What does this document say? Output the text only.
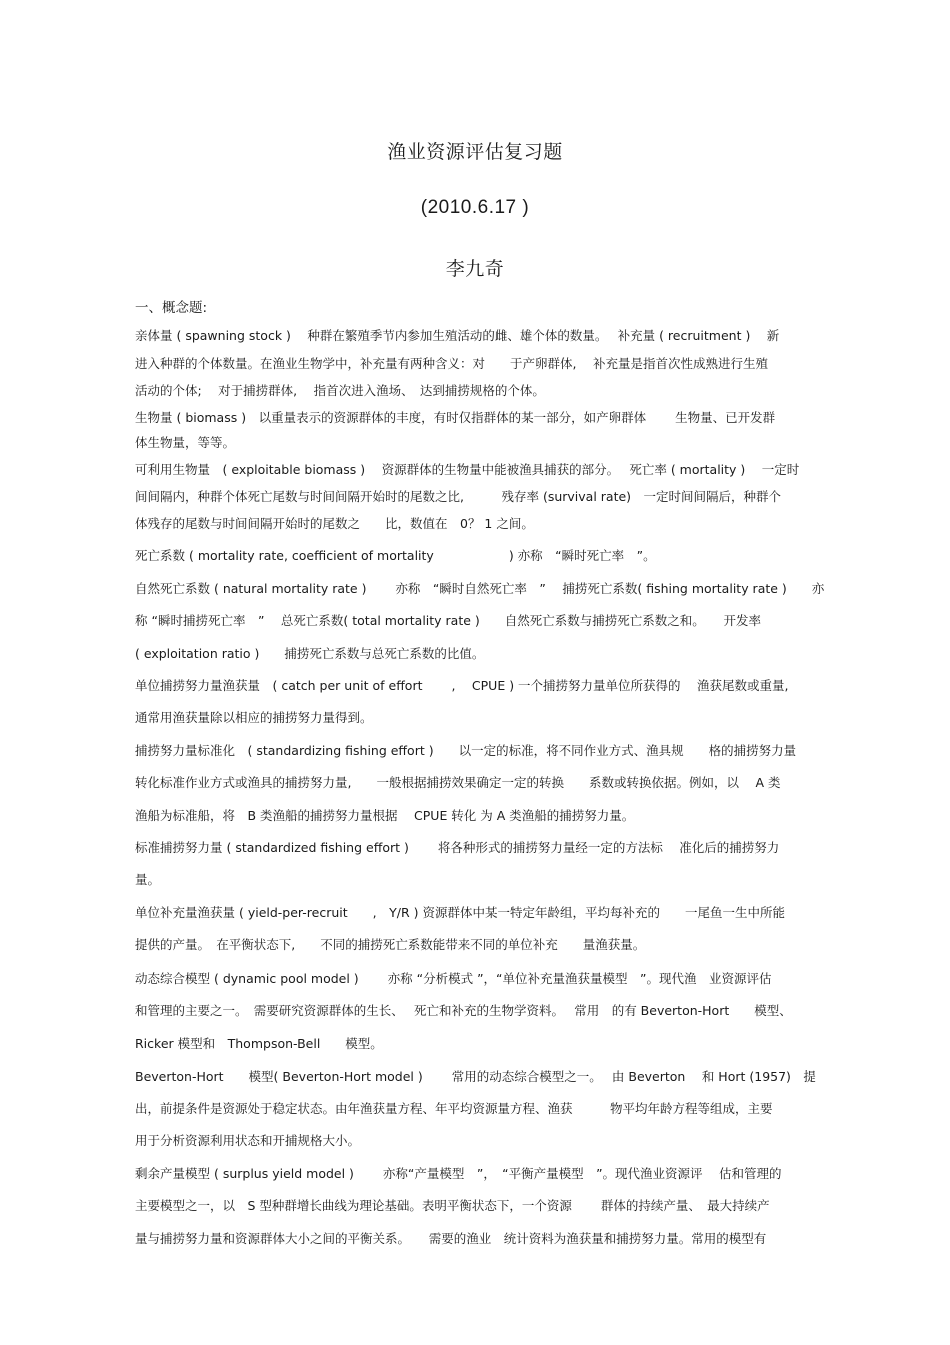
渔业资源评估复习题
(2010.6.17 )
李九奇
一、概念题:
亲体量 ( spawning stock )　 种群在繁殖季节内参加生殖活动的雌、雄个体的数量。　 补充量 ( recruitment )　 新
进入种群的个体数量。在渔业生物学中，补充量有两种含义：对　　于产卵群体,　 补充量是指首次性成熟进行生殖
活动的个体;　 对于捕捞群体,　 指首次进入渔场、　达到捕捞规格的个体。
生物量 ( biomass )　以重量表示的资源群体的丰度，有时仅指群体的某一部分，如产卵群体　　 生物量、已开发群
体生物量，等等。
可利用生物量　( exploitable biomass )　 资源群体的生物量中能被渔具捕获的部分。　 死亡率 ( mortality )　 一定时
间间隔内，种群个体死亡尾数与时间间隔开始时的尾数之比,　　　残存率 (survival rate)　一定时间间隔后，种群个
体残存的尾数与时间间隔开始时的尾数之　　比，数值在　0？ 1 之间。
死亡系数 ( mortality rate, coefficient of mortality　　　　　　) 亦称　“瞬时死亡率　”。
自然死亡系数 ( natural mortality rate )　　 亦称　“瞬时自然死亡率　”　 捕捞死亡系数( fishing mortality rate )　　亦
称 “瞬时捕捞死亡率　”　 总死亡系数( total mortality rate )　　自然死亡系数与捕捞死亡系数之和。　　开发率
( exploitation ratio )　　捕捞死亡系数与总死亡系数的比值。
单位捕捞努力量渔获量　( catch per unit of effort　　 ,　 CPUE ) 一个捕捞努力量单位所获得的　 渔获尾数或重量,
通常用渔获量除以相应的捕捞努力量得到。
捕捞努力量标准化　( standardizing fishing effort )　　以一定的标准，将不同作业方式、渔具规　　格的捕捞努力量
转化标准作业方式或渔具的捕捞努力量,　　一般根据捕捞效果确定一定的转换　　系数或转换依据。例如，以　 A 类
渔船为标准船，将　B 类渔船的捕捞努力量根据　 CPUE 转化 为 A 类渔船的捕捞努力量。
标准捕捞努力量 ( standardized fishing effort )　　 将各种形式的捕捞努力量经一定的方法标　 准化后的捕捞努力
量。
单位补充量渔获量 ( yield-per-recruit　　,　Y/R ) 资源群体中某一特定年龄组，平均每补充的　　一尾鱼一生中所能
提供的产量。　在平衡状态下,　　不同的捕捞死亡系数能带来不同的单位补充　　量渔获量。
动态综合模型 ( dynamic pool model )　　 亦称 “分析模式 ”，“单位补充量渔获量模型　”。现代渔　业资源评估
和管理的主要之一。　需要研究资源群体的生长、　 死亡和补充的生物学资料。　 常用　的有 Beverton-Hort　　模型、
Ricker 模型和　Thompson-Bell　　模型。
Beverton-Hort　　模型( Beverton-Hort model )　　 常用的动态综合模型之一。　 由 Beverton　 和 Hort (1957)　提
出，前提条件是资源处于稳定状态。由年渔获量方程、年平均资源量方程、渔获　　　物平均年龄方程等组成，主要
用于分析资源利用状态和开捕规格大小。
剩余产量模型 ( surplus yield model )　　 亦称“产量模型　”，　“平衡产量模型　”。现代渔业资源评　 估和管理的
主要模型之一，以　S 型种群增长曲线为理论基础。表明平衡状态下，一个资源　　 群体的持续产量、　最大持续产
量与捕捞努力量和资源群体大小之间的平衡关系。　　需要的渔业　统计资料为渔获量和捕捞努力量。常用的模型有
